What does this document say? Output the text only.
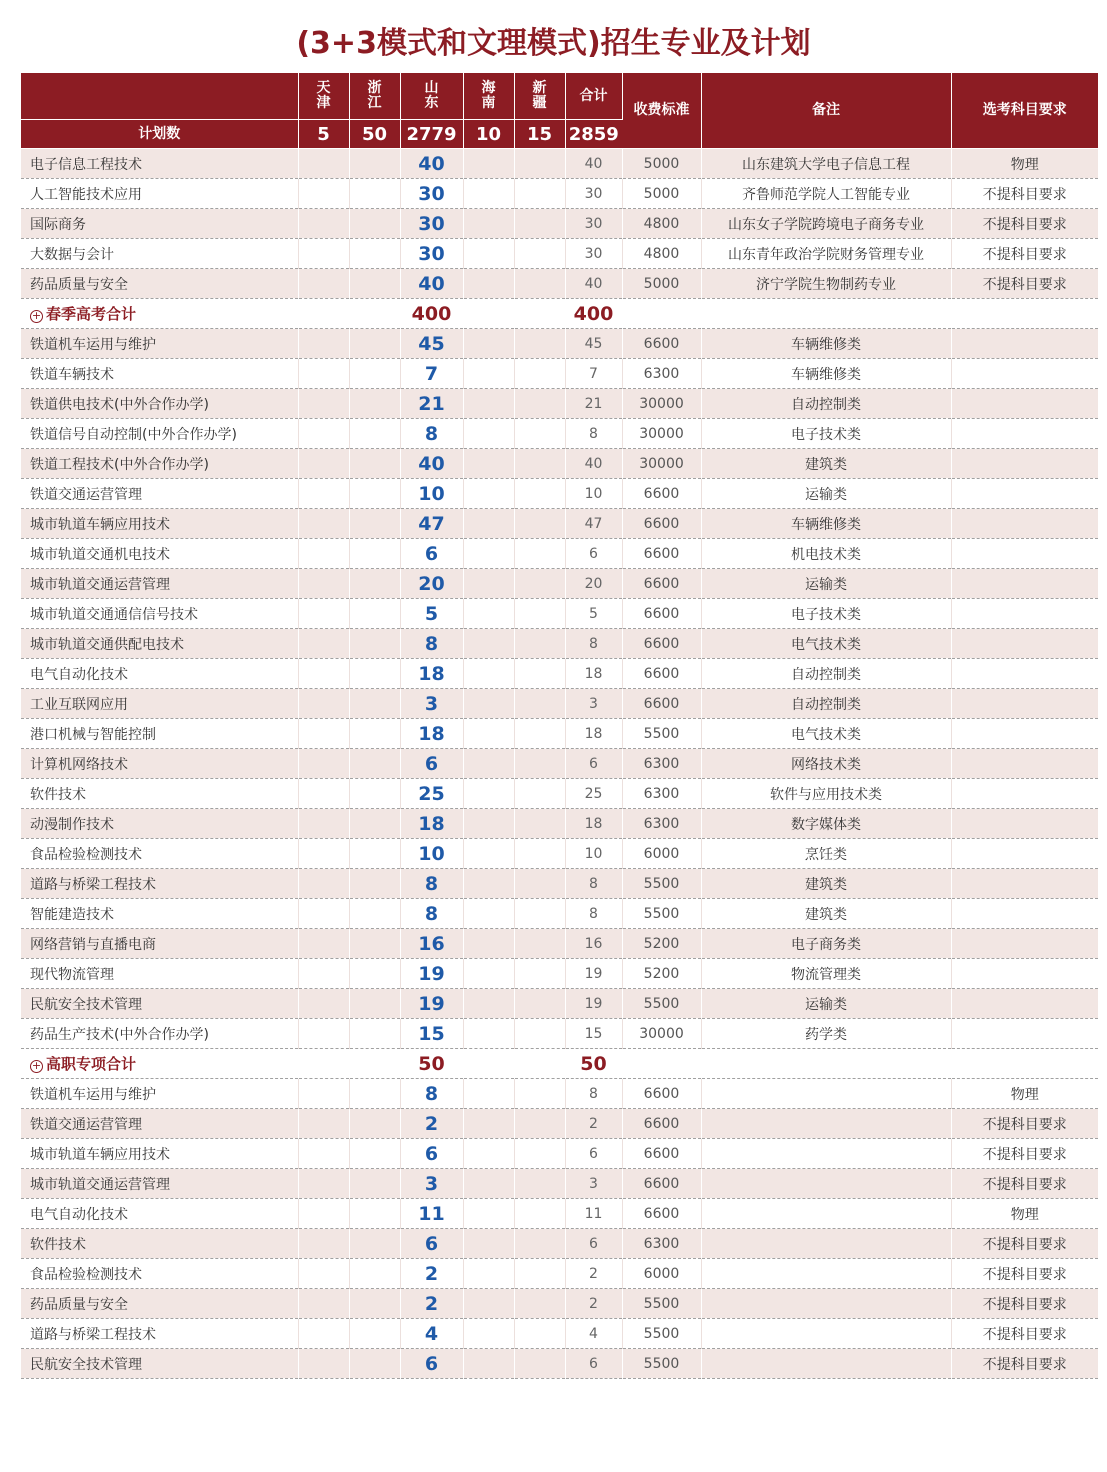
(3+3模式和文理模式)招生专业及计划
	天津	浙江	山东	海南	新疆	合计	收费标准	备注	选考科目要求
计划数	5	50	2779	10	15	2859			
电子信息工程技术			40			40	5000	山东建筑大学电子信息工程	物理
人工智能技术应用			30			30	5000	齐鲁师范学院人工智能专业	不提科目要求
国际商务			30			30	4800	山东女子学院跨境电子商务专业	不提科目要求
大数据与会计			30			30	4800	山东青年政治学院财务管理专业	不提科目要求
药品质量与安全			40			40	5000	济宁学院生物制药专业	不提科目要求
+ 春季高考合计			400			400			
铁道机车运用与维护			45			45	6600	车辆维修类	
铁道车辆技术			7			7	6300	车辆维修类	
铁道供电技术(中外合作办学)			21			21	30000	自动控制类	
铁道信号自动控制(中外合作办学)			8			8	30000	电子技术类	
铁道工程技术(中外合作办学)			40			40	30000	建筑类	
铁道交通运营管理			10			10	6600	运输类	
城市轨道车辆应用技术			47			47	6600	车辆维修类	
城市轨道交通机电技术			6			6	6600	机电技术类	
城市轨道交通运营管理			20			20	6600	运输类	
城市轨道交通通信信号技术			5			5	6600	电子技术类	
城市轨道交通供配电技术			8			8	6600	电气技术类	
电气自动化技术			18			18	6600	自动控制类	
工业互联网应用			3			3	6600	自动控制类	
港口机械与智能控制			18			18	5500	电气技术类	
计算机网络技术			6			6	6300	网络技术类	
软件技术			25			25	6300	软件与应用技术类	
动漫制作技术			18			18	6300	数字媒体类	
食品检验检测技术			10			10	6000	烹饪类	
道路与桥梁工程技术			8			8	5500	建筑类	
智能建造技术			8			8	5500	建筑类	
网络营销与直播电商			16			16	5200	电子商务类	
现代物流管理			19			19	5200	物流管理类	
民航安全技术管理			19			19	5500	运输类	
药品生产技术(中外合作办学)			15			15	30000	药学类	
+ 高职专项合计			50			50			
铁道机车运用与维护			8			8	6600		物理
铁道交通运营管理			2			2	6600		不提科目要求
城市轨道车辆应用技术			6			6	6600		不提科目要求
城市轨道交通运营管理			3			3	6600		不提科目要求
电气自动化技术			11			11	6600		物理
软件技术			6			6	6300		不提科目要求
食品检验检测技术			2			2	6000		不提科目要求
药品质量与安全			2			2	5500		不提科目要求
道路与桥梁工程技术			4			4	5500		不提科目要求
民航安全技术管理			6			6	5500		不提科目要求
